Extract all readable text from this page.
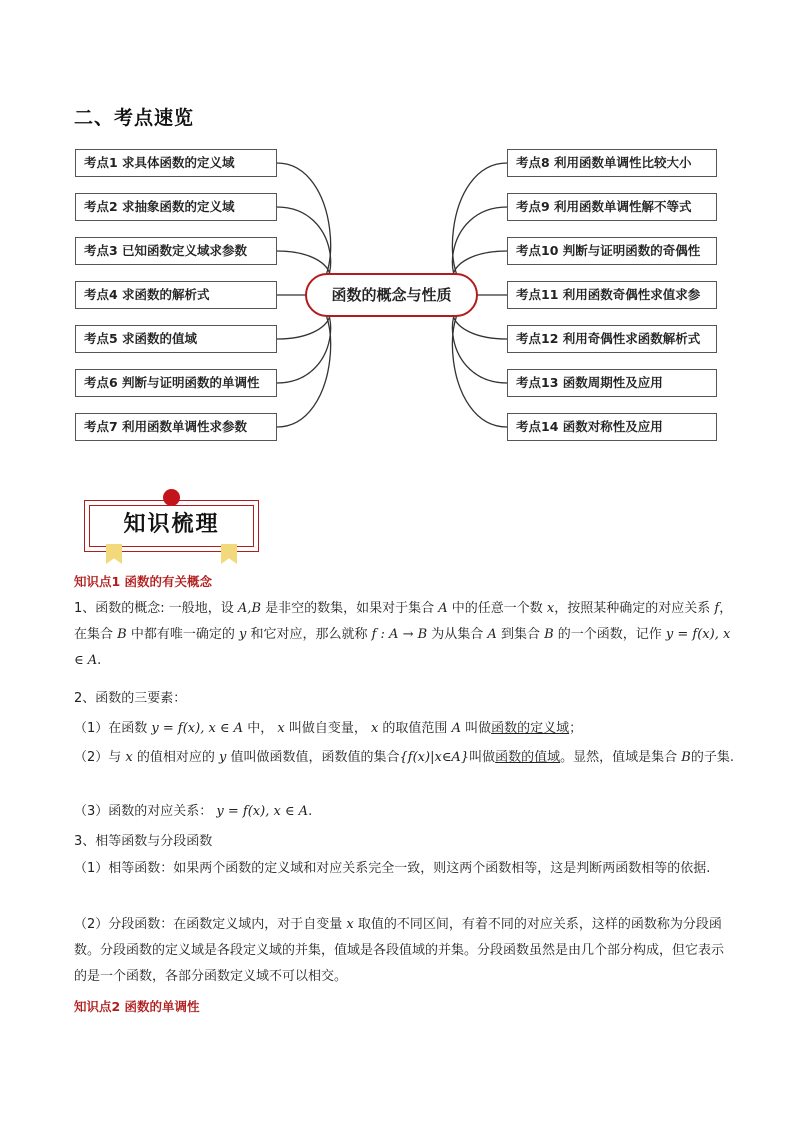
二、考点速览
考点1 求具体函数的定义域
考点2 求抽象函数的定义域
考点3 已知函数定义域求参数
考点4 求函数的解析式
考点5 求函数的值域
考点6 判断与证明函数的单调性
考点7 利用函数单调性求参数
考点8 利用函数单调性比较大小
考点9 利用函数单调性解不等式
考点10 判断与证明函数的奇偶性
考点11 利用函数奇偶性求值求参
考点12 利用奇偶性求函数解析式
考点13 函数周期性及应用
考点14 函数对称性及应用
函数的概念与性质
知识梳理
知识点1 函数的有关概念
1、函数的概念: 一般地，设 A,B 是非空的数集，如果对于集合 A 中的任意一个数 x，按照某种确定的对应关系 f，在集合 B 中都有唯一确定的 y 和它对应，那么就称 f : A → B 为从集合 A 到集合 B 的一个函数，记作 y = f(x), x ∈ A.
2、函数的三要素：
（1）在函数 y = f(x), x ∈ A 中， x 叫做自变量， x 的取值范围 A 叫做函数的定义域；
（2）与 x 的值相对应的 y 值叫做函数值，函数值的集合{f(x)|x∈A}叫做函数的值域。显然，值域是集合 B的子集.
（3）函数的对应关系： y = f(x), x ∈ A.
3、相等函数与分段函数
（1）相等函数：如果两个函数的定义域和对应关系完全一致，则这两个函数相等，这是判断两函数相等的依据.
（2）分段函数：在函数定义域内，对于自变量 x 取值的不同区间，有着不同的对应关系，这样的函数称为分段函数。分段函数的定义域是各段定义域的并集，值域是各段值域的并集。分段函数虽然是由几个部分构成，但它表示的是一个函数，各部分函数定义域不可以相交。
知识点2 函数的单调性
